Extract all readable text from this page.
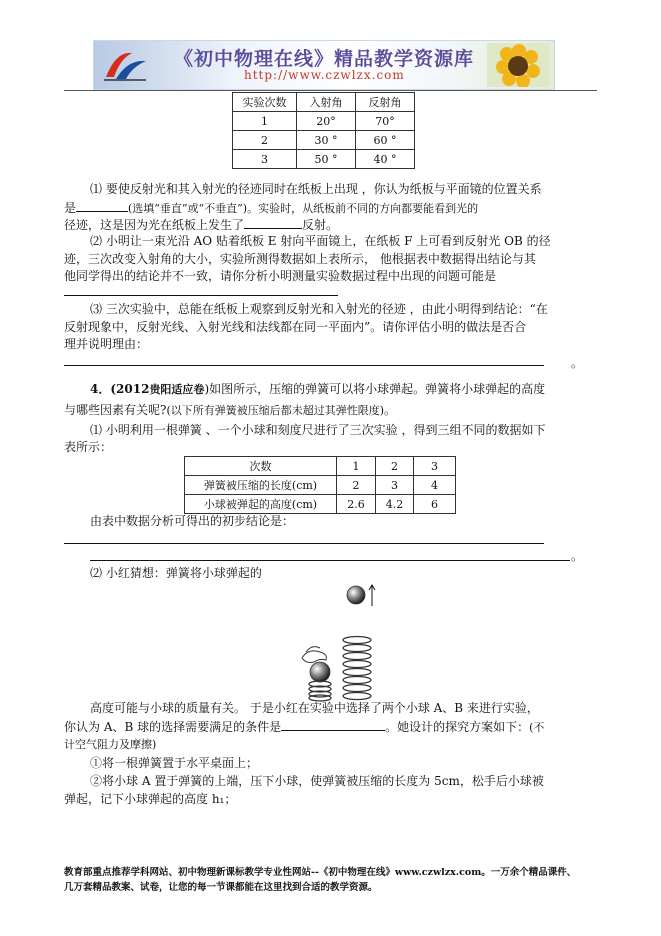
《初中物理在线》精品教学资源库
http://www.czwlzx.com
实验次数	入射角	反射角
1	20°	70°
2	30 °	60 °
3	50 °	40 °
⑴ 要使反射光和其入射光的径迹同时在纸板上出现 ，你认为纸板与平面镜的位置关系
是	(选填“垂直”或“不垂直”)。实验时，从纸板前不同的方向都要能看到光的
径迹，这是因为光在纸板上发生了	反射。
⑵ 小明让一束光沿 AO 贴着纸板 E 射向平面镜上，在纸板 F 上可看到反射光 OB 的径
迹，三次改变入射角的大小，实验所测得数据如上表所示， 他根据表中数据得出结论与其
他同学得出的结论并不一致，请你分析小明测量实验数据过程中出现的问题可能是
⑶ 三次实验中，总能在纸板上观察到反射光和入射光的径迹 ，由此小明得到结论：“在
反射现象中，反射光线、入射光线和法线都在同一平面内”。请你评估小明的做法是否合
理并说明理由：
。
4．(2012贵阳适应卷)如图所示，压缩的弹簧可以将小球弹起。弹簧将小球弹起的高度
与哪些因素有关呢?(以下所有弹簧被压缩后都未超过其弹性限度)。
⑴ 小明利用一根弹簧 、一个小球和刻度尺进行了三次实验 ，得到三组不同的数据如下
表所示：
次数	1	2	3
弹簧被压缩的长度(cm)	2	3	4
小球被弹起的高度(cm)	2.6	4.2	6
由表中数据分析可得出的初步结论是：
。
⑵ 小红猜想：弹簧将小球弹起的
高度可能与小球的质量有关。 于是小红在实验中选择了两个小球 A、B 来进行实验，
你认为 A、B 球的选择需要满足的条件是	。她设计的探究方案如下：(不
计空气阻力及摩擦)
①将一根弹簧置于水平桌面上；
②将小球 A 置于弹簧的上端，压下小球，使弹簧被压缩的长度为 5cm，松手后小球被
弹起，记下小球弹起的高度 h₁；
教育部重点推荐学科网站、初中物理新课标教学专业性网站--《初中物理在线》www.czwlzx.com。一万余个精品课件、
几万套精品教案、试卷，让您的每一节课都能在这里找到合适的教学资源。
